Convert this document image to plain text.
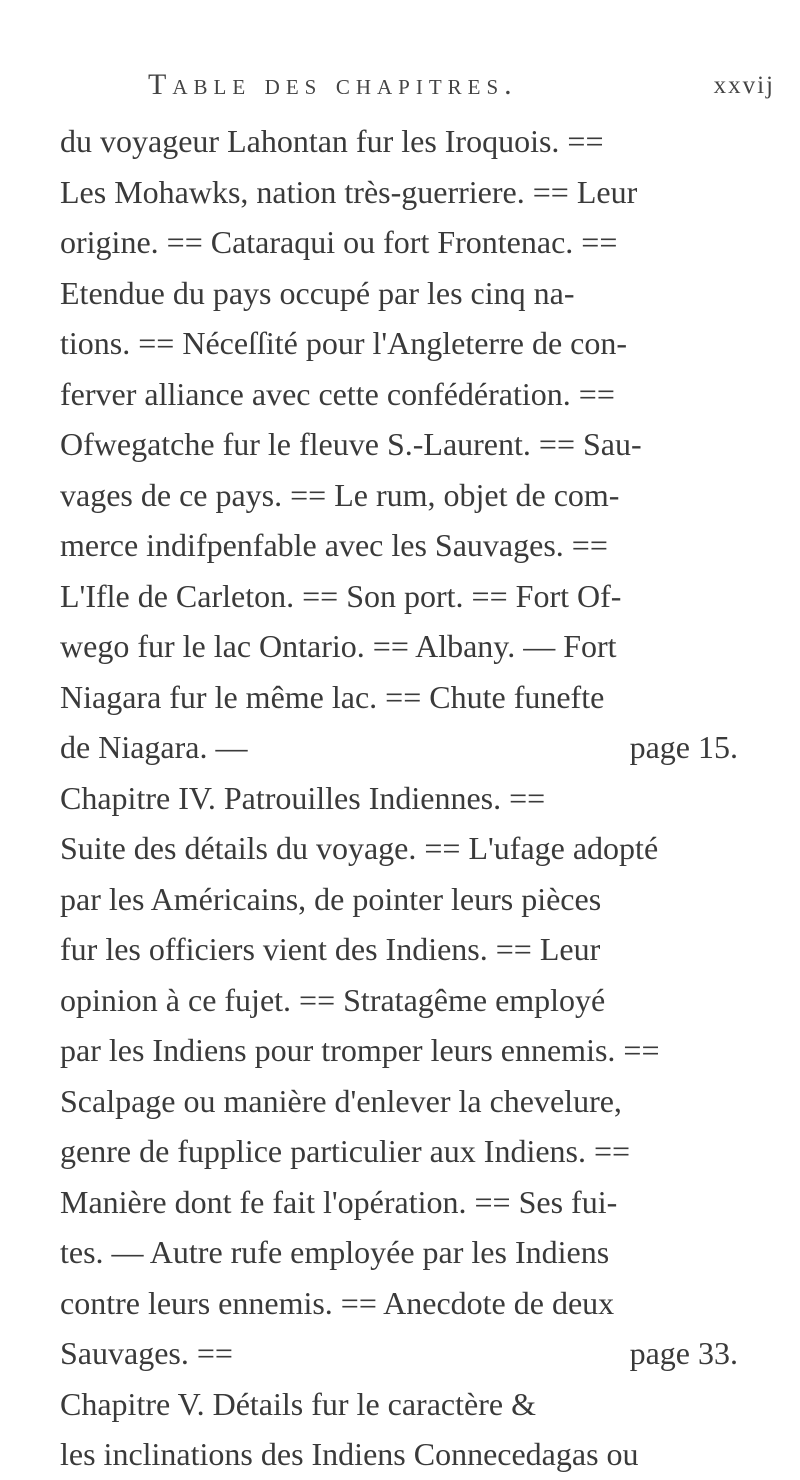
Table des chapitres.	xxvij
du voyageur Lahontan fur les Iroquois. ==
Les Mohawks, nation très-guerriere. == Leur
origine. == Cataraqui ou fort Frontenac. ==
Etendue du pays occupé par les cinq na-
tions. == Néceſſité pour l'Angleterre de con-
ferver alliance avec cette confédération. ==
Ofwegatche fur le fleuve S.-Laurent. == Sau-
vages de ce pays. == Le rum, objet de com-
merce indifpenfable avec les Sauvages. ==
L'Ifle de Carleton. == Son port. == Fort Of-
wego fur le lac Ontario. == Albany. — Fort
Niagara fur le même lac. == Chute funefte
de Niagara. —	page 15.
Chapitre IV. Patrouilles Indiennes. ==
Suite des détails du voyage. == L'ufage adopté
par les Américains, de pointer leurs pièces
fur les officiers vient des Indiens. == Leur
opinion à ce fujet. == Stratagême employé
par les Indiens pour tromper leurs ennemis. ==
Scalpage ou manière d'enlever la chevelure,
genre de fupplice particulier aux Indiens. ==
Manière dont fe fait l'opération. == Ses fui-
tes. — Autre rufe employée par les Indiens
contre leurs ennemis. == Anecdote de deux
Sauvages. ==	page 33.
Chapitre V. Détails fur le caractère &
les inclinations des Indiens Connecedagas ou
